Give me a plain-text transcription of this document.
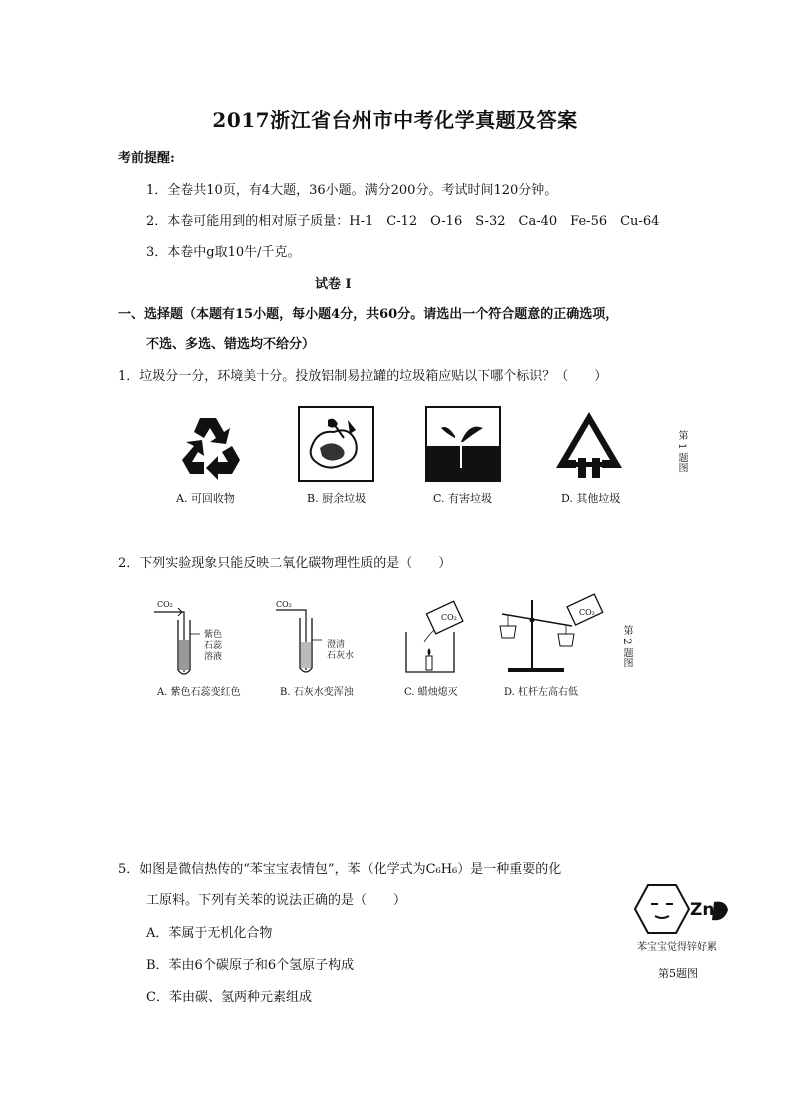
2017浙江省台州市中考化学真题及答案
考前提醒:
1．全卷共10页，有4大题，36小题。满分200分。考试时间120分钟。
2．本卷可能用到的相对原子质量：H-1　C-12　O-16　S-32　Ca-40　Fe-56　Cu-64
3．本卷中g取10牛/千克。
试卷 I
一、选择题（本题有15小题，每小题4分，共60分。请选出一个符合题意的正确选项，
不选、多选、错选均不给分）
1．垃圾分一分，环境美十分。投放铝制易拉罐的垃圾箱应贴以下哪个标识？（　　）
A. 可回收物	B. 厨余垃圾	C. 有害垃圾	D. 其他垃圾
第 1 题图
2．下列实验现象只能反映二氧化碳物理性质的是（　　）
CO₂
紫色
石蕊
溶液
CO₂
澄清
石灰水
CO₂
CO₂
A. 紫色石蕊变红色	B. 石灰水变浑浊	C. 蜡烛熄灭	D. 杠杆左高右低
第 2 题图
5．如图是微信热传的“苯宝宝表情包”，苯（化学式为C₆H₆）是一种重要的化
工原料。下列有关苯的说法正确的是（　　）
A．苯属于无机化合物
B．苯由6个碳原子和6个氢原子构成
C．苯由碳、氢两种元素组成
Zn
苯宝宝觉得锌好累
第5题图
